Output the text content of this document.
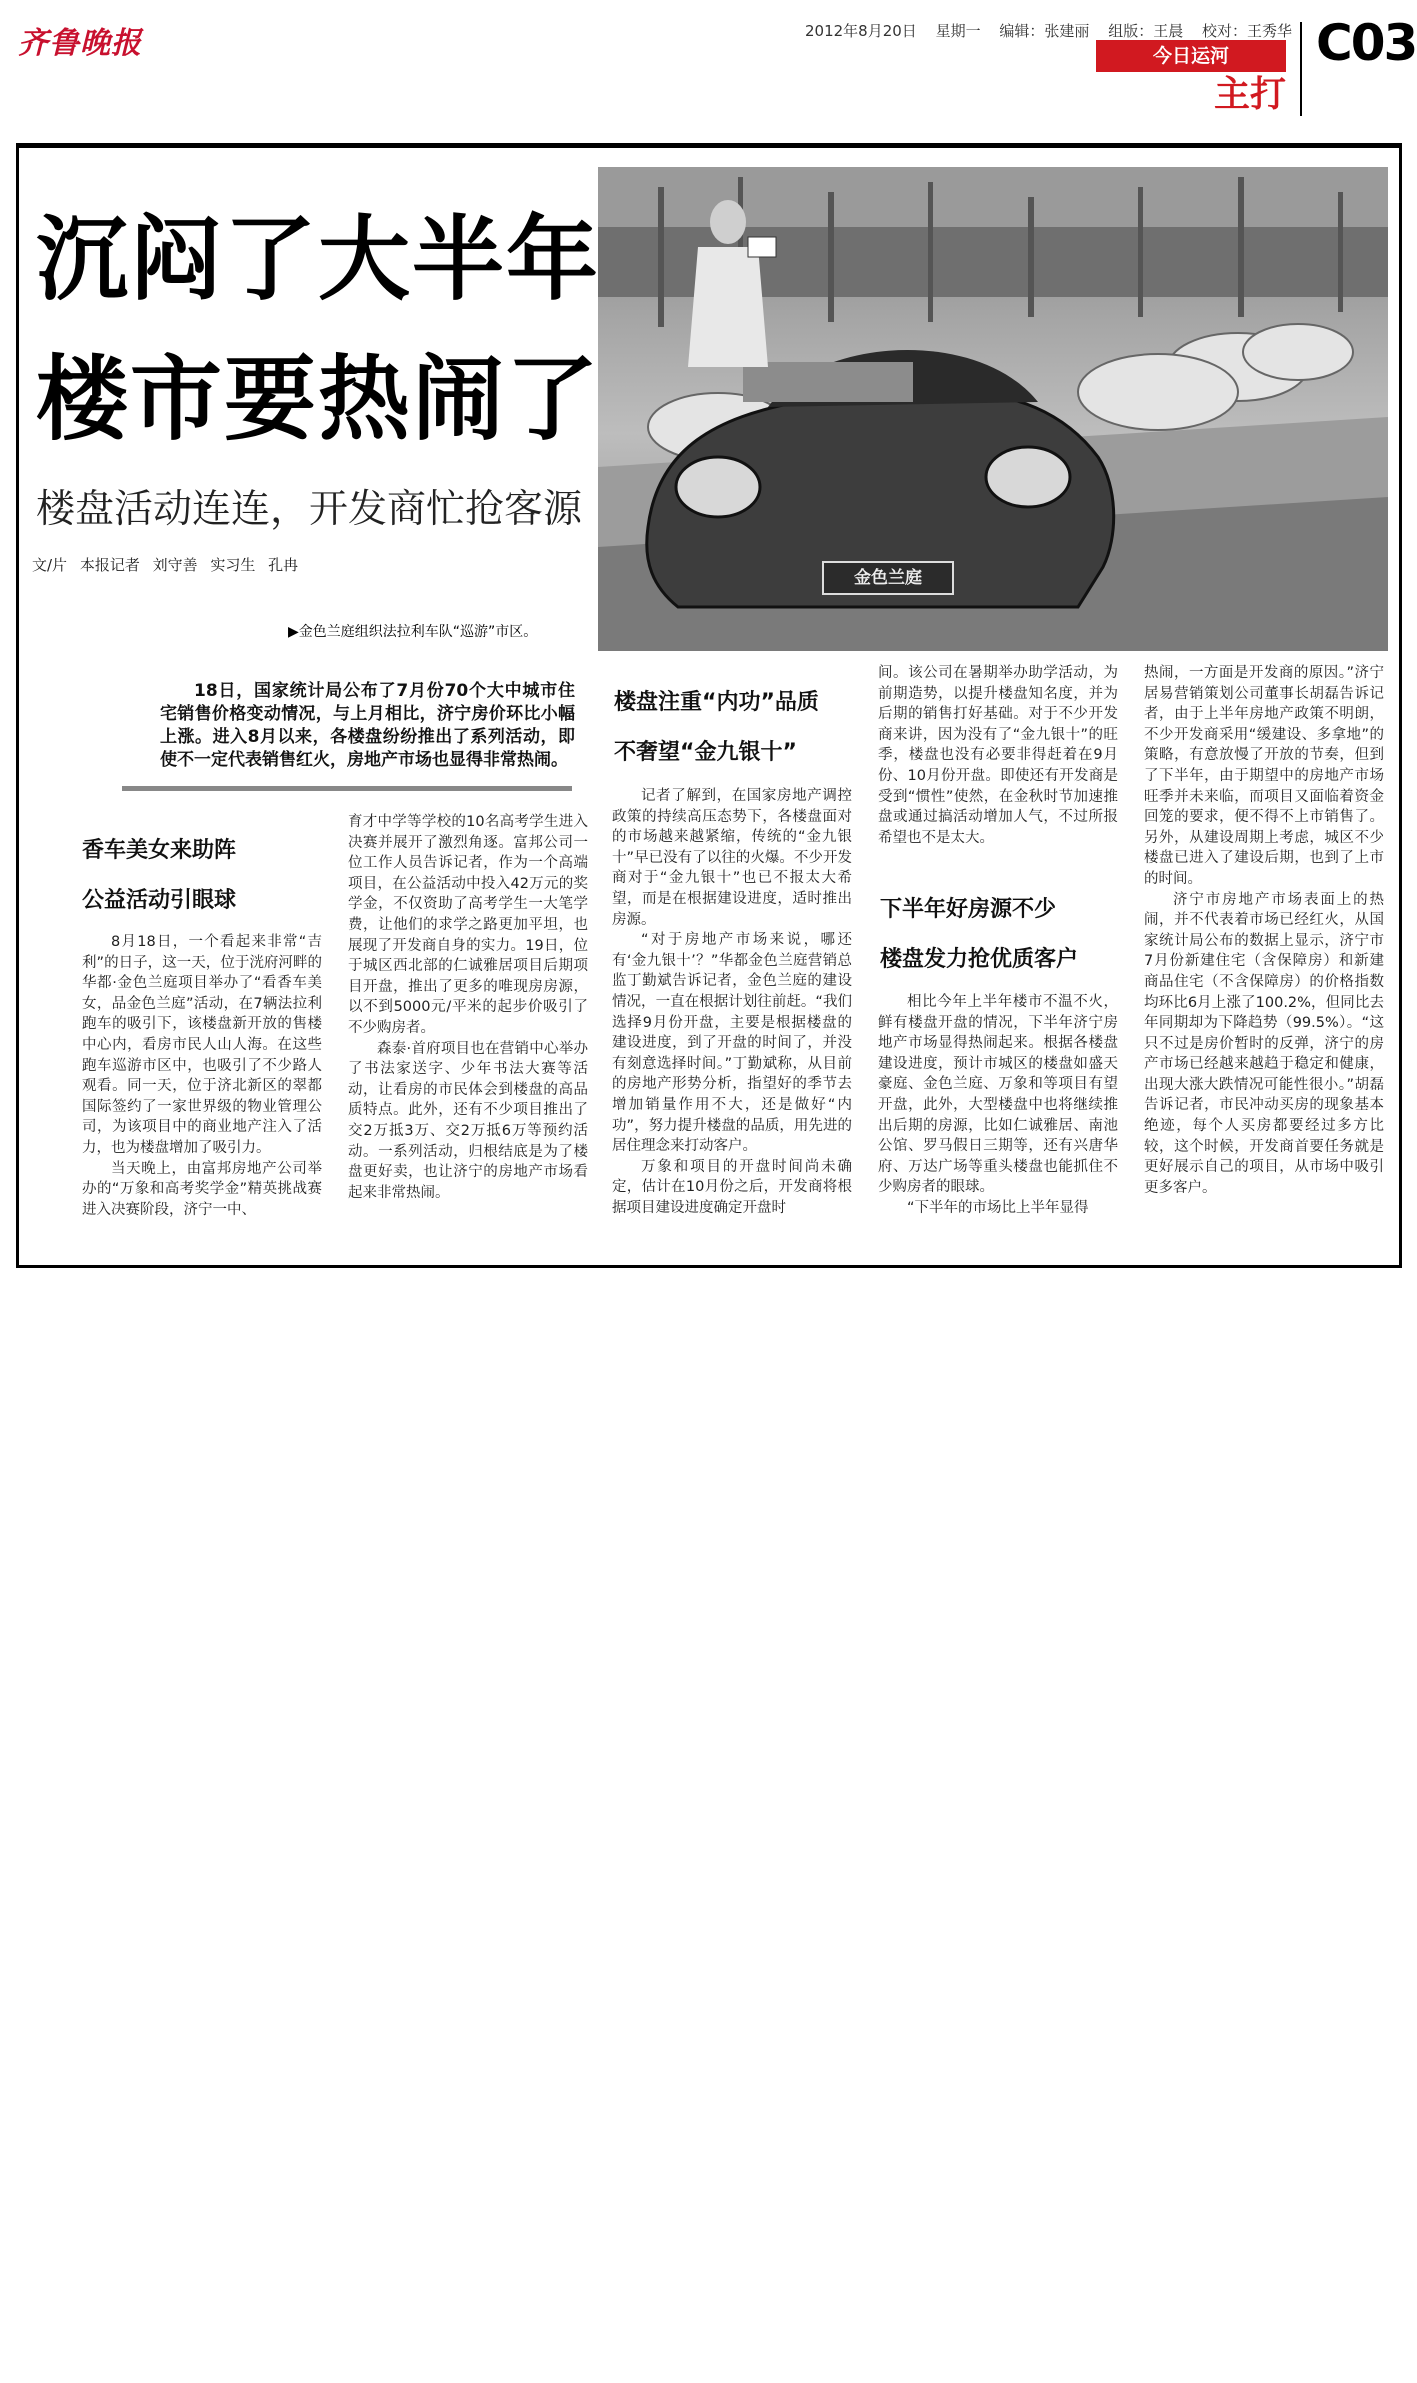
齐鲁晚报	2012年8月20日 星期一 编辑：张建丽 组版：王晨 校对：王秀华
今日运河
主打
C03
金色兰庭
沉闷了大半年
楼市要热闹了
楼盘活动连连，开发商忙抢客源
文/片 本报记者 刘守善 实习生 孔冉
▶金色兰庭组织法拉利车队“巡游”市区。
18日，国家统计局公布了7月份70个大中城市住宅销售价格变动情况，与上月相比，济宁房价环比小幅上涨。进入8月以来，各楼盘纷纷推出了系列活动，即使不一定代表销售红火，房地产市场也显得非常热闹。
香车美女来助阵
公益活动引眼球

8月18日，一个看起来非常“吉利”的日子，这一天，位于洸府河畔的华都·金色兰庭项目举办了“看香车美女，品金色兰庭”活动，在7辆法拉利跑车的吸引下，该楼盘新开放的售楼中心内，看房市民人山人海。在这些跑车巡游市区中，也吸引了不少路人观看。同一天，位于济北新区的翠都国际签约了一家世界级的物业管理公司，为该项目中的商业地产注入了活力，也为楼盘增加了吸引力。

当天晚上，由富邦房地产公司举办的“万象和高考奖学金”精英挑战赛进入决赛阶段，济宁一中、

育才中学等学校的10名高考学生进入决赛并展开了激烈角逐。富邦公司一位工作人员告诉记者，作为一个高端项目，在公益活动中投入42万元的奖学金，不仅资助了高考学生一大笔学费，让他们的求学之路更加平坦，也展现了开发商自身的实力。19日，位于城区西北部的仁诚雅居项目后期项目开盘，推出了更多的唯现房房源，以不到5000元/平米的起步价吸引了不少购房者。

森泰·首府项目也在营销中心举办了书法家送字、少年书法大赛等活动，让看房的市民体会到楼盘的高品质特点。此外，还有不少项目推出了交2万抵3万、交2万抵6万等预约活动。一系列活动，归根结底是为了楼盘更好卖，也让济宁的房地产市场看起来非常热闹。

楼盘注重“内功”品质
不奢望“金九银十”

记者了解到，在国家房地产调控政策的持续高压态势下，各楼盘面对的市场越来越紧缩，传统的“金九银十”早已没有了以往的火爆。不少开发商对于“金九银十”也已不报太大希望，而是在根据建设进度，适时推出房源。

“对于房地产市场来说，哪还有‘金九银十’？”华都金色兰庭营销总监丁勤斌告诉记者，金色兰庭的建设情况，一直在根据计划往前赶。“我们选择9月份开盘，主要是根据楼盘的建设进度，到了开盘的时间了，并没有刻意选择时间。”丁勤斌称，从目前的房地产形势分析，指望好的季节去增加销量作用不大，还是做好“内功”，努力提升楼盘的品质，用先进的居住理念来打动客户。

万象和项目的开盘时间尚未确定，估计在10月份之后，开发商将根据项目建设进度确定开盘时

间。该公司在暑期举办助学活动，为前期造势，以提升楼盘知名度，并为后期的销售打好基础。对于不少开发商来讲，因为没有了“金九银十”的旺季，楼盘也没有必要非得赶着在9月份、10月份开盘。即使还有开发商是受到“惯性”使然，在金秋时节加速推盘或通过搞活动增加人气，不过所报希望也不是太大。

下半年好房源不少
楼盘发力抢优质客户

相比今年上半年楼市不温不火，鲜有楼盘开盘的情况，下半年济宁房地产市场显得热闹起来。根据各楼盘建设进度，预计市城区的楼盘如盛天豪庭、金色兰庭、万象和等项目有望开盘，此外，大型楼盘中也将继续推出后期的房源，比如仁诚雅居、南池公馆、罗马假日三期等，还有兴唐华府、万达广场等重头楼盘也能抓住不少购房者的眼球。

“下半年的市场比上半年显得

热闹，一方面是开发商的原因。”济宁居易营销策划公司董事长胡磊告诉记者，由于上半年房地产政策不明朗，不少开发商采用“缓建设、多拿地”的策略，有意放慢了开放的节奏，但到了下半年，由于期望中的房地产市场旺季并未来临，而项目又面临着资金回笼的要求，便不得不上市销售了。另外，从建设周期上考虑，城区不少楼盘已进入了建设后期，也到了上市的时间。

济宁市房地产市场表面上的热闹，并不代表着市场已经红火，从国家统计局公布的数据上显示，济宁市7月份新建住宅（含保障房）和新建商品住宅（不含保障房）的价格指数均环比6月上涨了100.2%，但同比去年同期却为下降趋势（99.5%）。“这只不过是房价暂时的反弹，济宁的房产市场已经越来越趋于稳定和健康，出现大涨大跌情况可能性很小。”胡磊告诉记者，市民冲动买房的现象基本绝迹，每个人买房都要经过多方比较，这个时候，开发商首要任务就是更好展示自己的项目，从市场中吸引更多客户。
